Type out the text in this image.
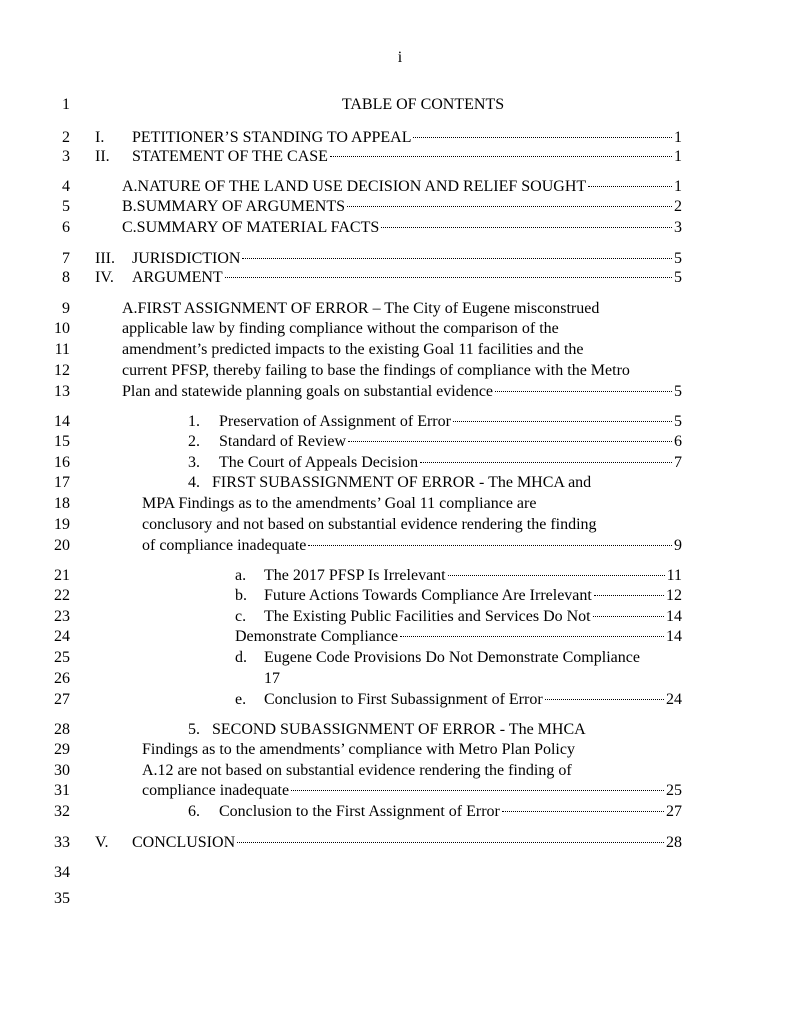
i
TABLE OF CONTENTS
1
2
3
4
5
6
7
8
9
10
11
12
13
14
15
16
17
18
19
20
21
22
23
24
25
26
27
28
29
30
31
32
33
34
35
I.	PETITIONER’S STANDING TO APPEAL	1
II.	STATEMENT OF THE CASE	1
A.NATURE OF THE LAND USE DECISION AND RELIEF SOUGHT	1
B.SUMMARY OF ARGUMENTS	2
C.SUMMARY OF MATERIAL FACTS	3
III.	JURISDICTION	5
IV.	ARGUMENT	5
A.FIRST ASSIGNMENT OF ERROR – The City of Eugene misconstrued
applicable law by finding compliance without the comparison of the
amendment’s predicted impacts to the existing Goal 11 facilities and the
current PFSP, thereby failing to base the findings of compliance with the Metro
Plan and statewide planning goals on substantial evidence	5
1.	Preservation of Assignment of Error	5
2.	Standard of Review	6
3.	The Court of Appeals Decision	7
4.   FIRST SUBASSIGNMENT OF ERROR - The MHCA and
MPA Findings as to the amendments’ Goal 11 compliance are
conclusory and not based on substantial evidence rendering the finding
of compliance inadequate	9
a.	The 2017 PFSP Is Irrelevant	11
b.	Future Actions Towards Compliance Are Irrelevant	12
c.	The Existing Public Facilities and Services Do Not	14
Demonstrate Compliance	14
d. Eugene Code Provisions Do Not Demonstrate Compliance
17
e.	Conclusion to First Subassignment of Error	24
5.   SECOND SUBASSIGNMENT OF ERROR - The MHCA
Findings as to the amendments’ compliance with Metro Plan Policy
A.12 are not based on substantial evidence rendering the finding of
compliance inadequate	25
6.	Conclusion to the First Assignment of Error	27
V.	CONCLUSION	28
